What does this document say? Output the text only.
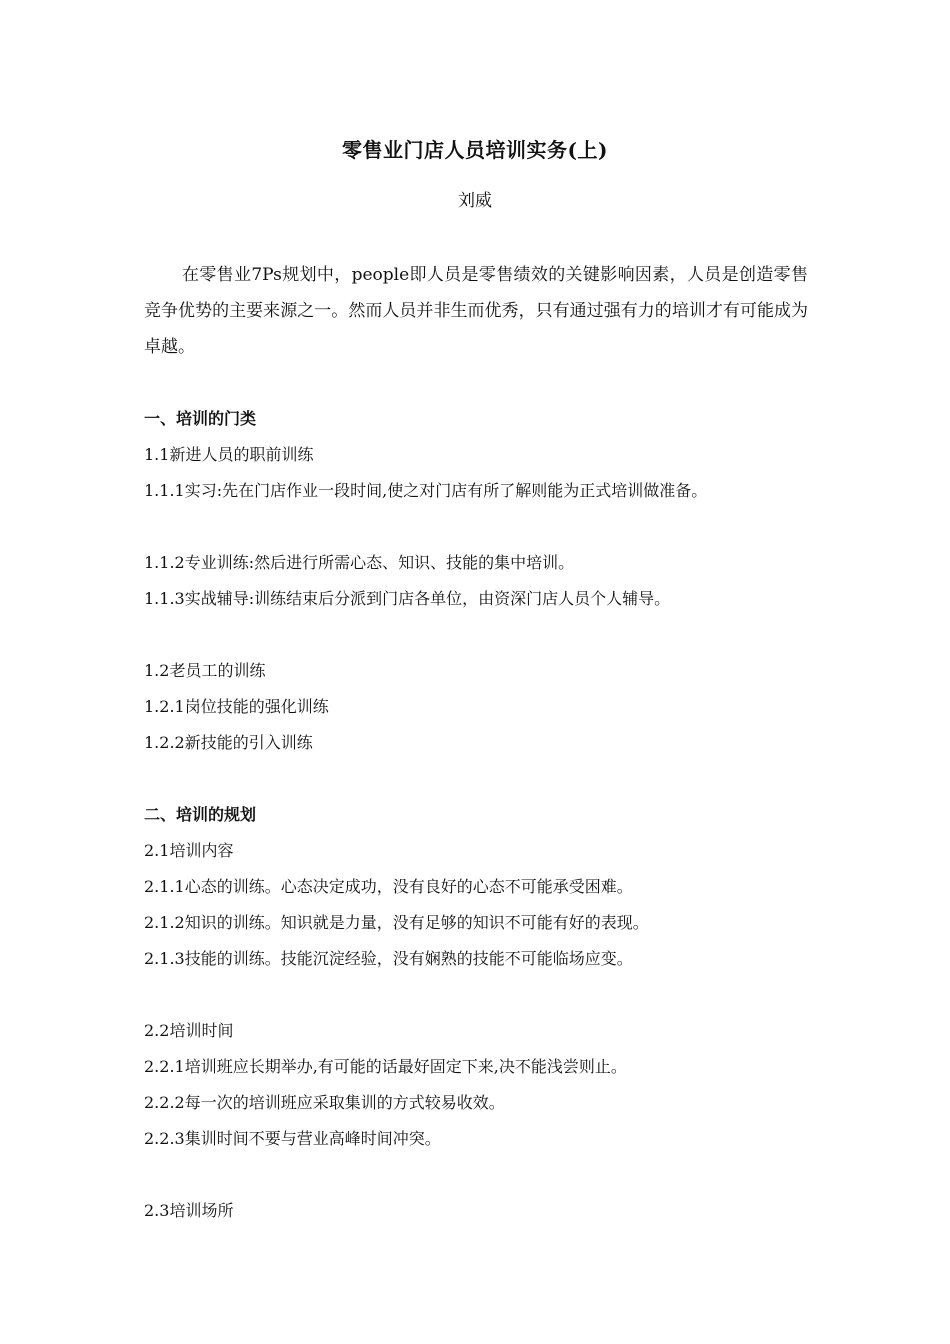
零售业门店人员培训实务(上)
刘威
在零售业7Ps规划中，people即人员是零售绩效的关键影响因素，人员是创造零售竞争优势的主要来源之一。然而人员并非生而优秀，只有通过强有力的培训才有可能成为卓越。
一、培训的门类
1.1新进人员的职前训练
1.1.1实习:先在门店作业一段时间,使之对门店有所了解则能为正式培训做准备。
1.1.2专业训练:然后进行所需心态、知识、技能的集中培训。
1.1.3实战辅导:训练结束后分派到门店各单位，由资深门店人员个人辅导。
1.2老员工的训练
1.2.1岗位技能的强化训练
1.2.2新技能的引入训练
二、培训的规划
2.1培训内容
2.1.1心态的训练。心态决定成功，没有良好的心态不可能承受困难。
2.1.2知识的训练。知识就是力量，没有足够的知识不可能有好的表现。
2.1.3技能的训练。技能沉淀经验，没有娴熟的技能不可能临场应变。
2.2培训时间
2.2.1培训班应长期举办,有可能的话最好固定下来,决不能浅尝则止。
2.2.2每一次的培训班应采取集训的方式较易收效。
2.2.3集训时间不要与营业高峰时间冲突。
2.3培训场所
